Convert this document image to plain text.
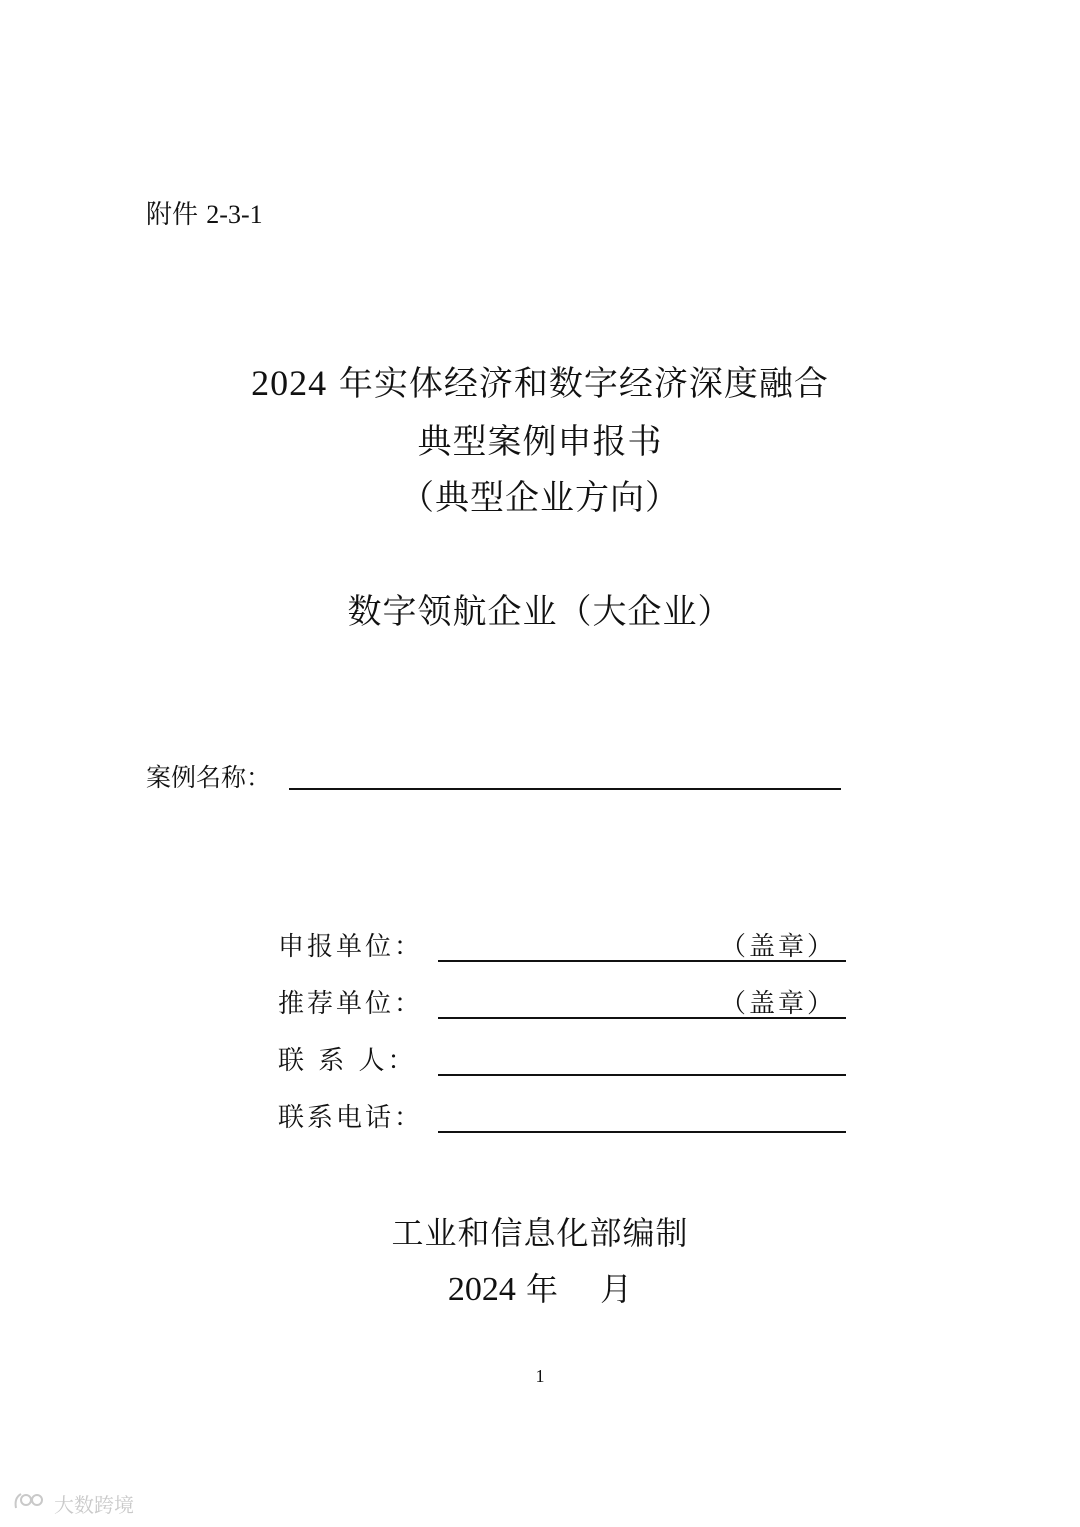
附件 2-3-1
2024 年实体经济和数字经济深度融合
典型案例申报书
（典型企业方向）
数字领航企业（大企业）
案例名称：
申报单位：	（盖章）
推荐单位：	（盖章）
联 系 人：
联系电话：
工业和信息化部编制
2024 年　 月
1
大数跨境
